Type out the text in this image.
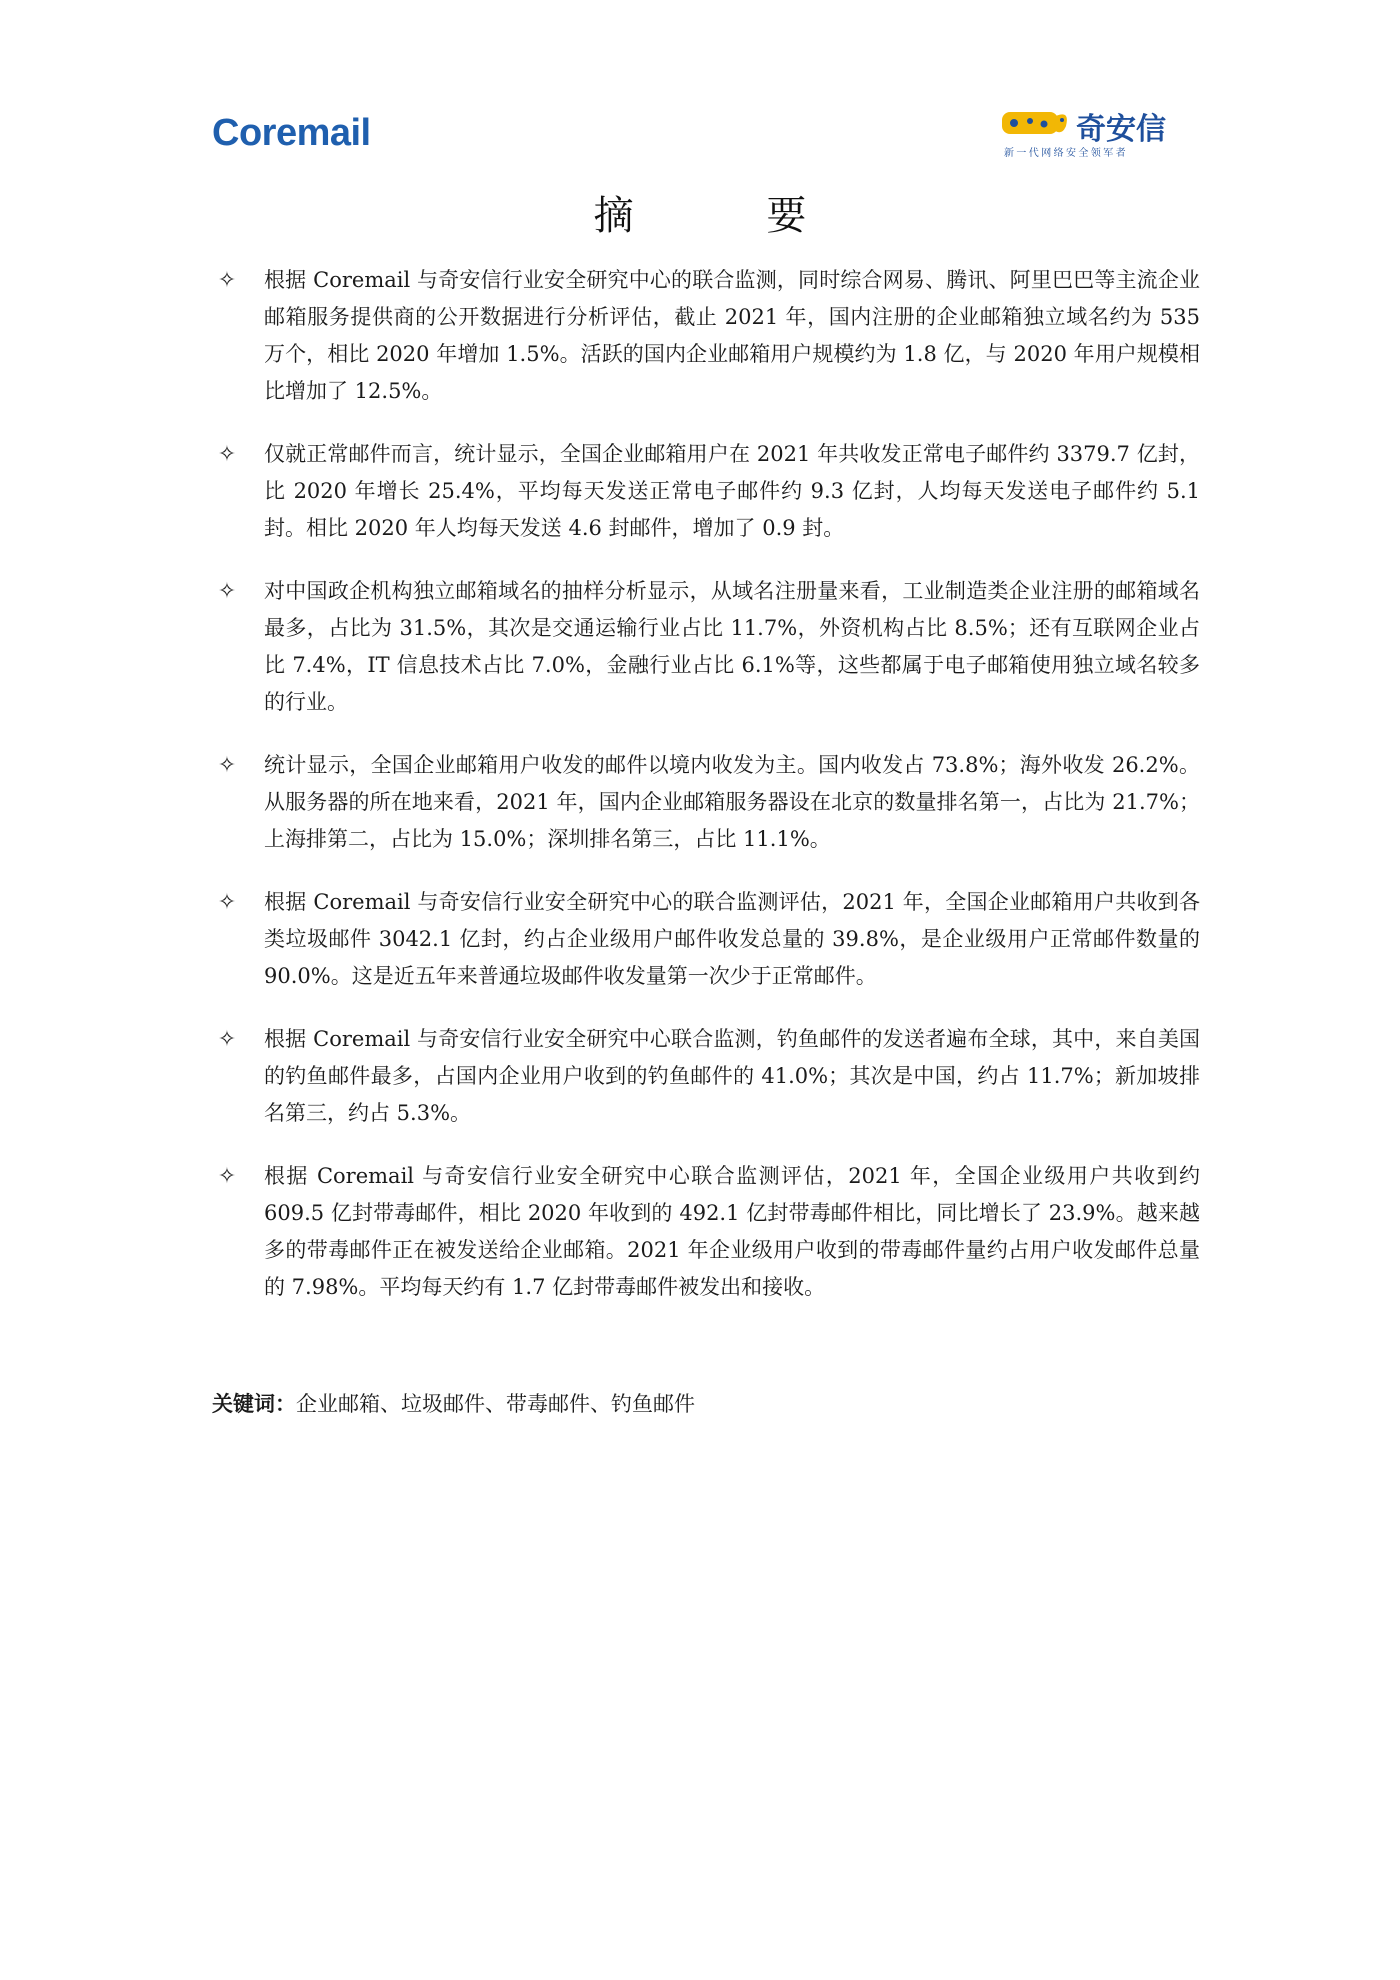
Coremail	奇安信
新一代网络安全领军者
摘 要
✧ 根据 Coremail 与奇安信行业安全研究中心的联合监测，同时综合网易、腾讯、阿里巴巴等主流企业邮箱服务提供商的公开数据进行分析评估，截止 2021 年，国内注册的企业邮箱独立域名约为 535 万个，相比 2020 年增加 1.5%。活跃的国内企业邮箱用户规模约为 1.8 亿，与 2020 年用户规模相比增加了 12.5%。
✧ 仅就正常邮件而言，统计显示，全国企业邮箱用户在 2021 年共收发正常电子邮件约 3379.7 亿封，比 2020 年增长 25.4%，平均每天发送正常电子邮件约 9.3 亿封，人均每天发送电子邮件约 5.1 封。相比 2020 年人均每天发送 4.6 封邮件，增加了 0.9 封。
✧ 对中国政企机构独立邮箱域名的抽样分析显示，从域名注册量来看，工业制造类企业注册的邮箱域名最多，占比为 31.5%，其次是交通运输行业占比 11.7%，外资机构占比 8.5%；还有互联网企业占比 7.4%，IT 信息技术占比 7.0%，金融行业占比 6.1%等，这些都属于电子邮箱使用独立域名较多的行业。
✧ 统计显示，全国企业邮箱用户收发的邮件以境内收发为主。国内收发占 73.8%；海外收发 26.2%。从服务器的所在地来看，2021 年，国内企业邮箱服务器设在北京的数量排名第一，占比为 21.7%；上海排第二，占比为 15.0%；深圳排名第三，占比 11.1%。
✧ 根据 Coremail 与奇安信行业安全研究中心的联合监测评估，2021 年，全国企业邮箱用户共收到各类垃圾邮件 3042.1 亿封，约占企业级用户邮件收发总量的 39.8%，是企业级用户正常邮件数量的 90.0%。这是近五年来普通垃圾邮件收发量第一次少于正常邮件。
✧ 根据 Coremail 与奇安信行业安全研究中心联合监测，钓鱼邮件的发送者遍布全球，其中，来自美国的钓鱼邮件最多，占国内企业用户收到的钓鱼邮件的 41.0%；其次是中国，约占 11.7%；新加坡排名第三，约占 5.3%。
✧ 根据 Coremail 与奇安信行业安全研究中心联合监测评估，2021 年，全国企业级用户共收到约 609.5 亿封带毒邮件，相比 2020 年收到的 492.1 亿封带毒邮件相比，同比增长了 23.9%。越来越多的带毒邮件正在被发送给企业邮箱。2021 年企业级用户收到的带毒邮件量约占用户收发邮件总量的 7.98%。平均每天约有 1.7 亿封带毒邮件被发出和接收。
关键词：企业邮箱、垃圾邮件、带毒邮件、钓鱼邮件
